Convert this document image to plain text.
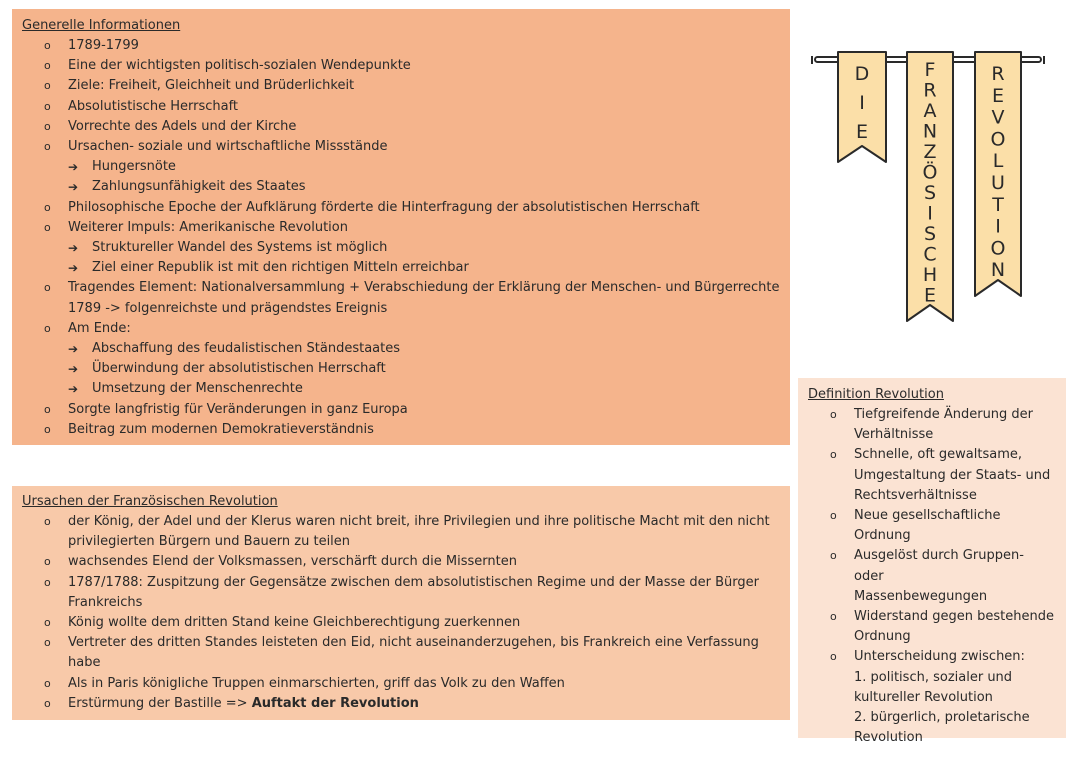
Generelle Informationen

o 1789-1799
o Eine der wichtigsten politisch-sozialen Wendepunkte
o Ziele: Freiheit, Gleichheit und Brüderlichkeit
o Absolutistische Herrschaft
o Vorrechte des Adels und der Kirche
o Ursachen- soziale und wirtschaftliche Missstände
➔ Hungersnöte
➔ Zahlungsunfähigkeit des Staates
o Philosophische Epoche der Aufklärung förderte die Hinterfragung der absolutistischen Herrschaft
o Weiterer Impuls: Amerikanische Revolution
➔ Struktureller Wandel des Systems ist möglich
➔ Ziel einer Republik ist mit den richtigen Mitteln erreichbar
o Tragendes Element: Nationalversammlung + Verabschiedung der Erklärung der Menschen- und Bürgerrechte
1789 -> folgenreichste und prägendstes Ereignis
o Am Ende:
➔ Abschaffung des feudalistischen Ständestaates
➔ Überwindung der absolutistischen Herrschaft
➔ Umsetzung der Menschenrechte
o Sorgte langfristig für Veränderungen in ganz Europa
o Beitrag zum modernen Demokratieverständnis

Ursachen der Französischen Revolution

o der König, der Adel und der Klerus waren nicht breit, ihre Privilegien und ihre politische Macht mit den nicht
privilegierten Bürgern und Bauern zu teilen
o wachsendes Elend der Volksmassen, verschärft durch die Missernten
o 1787/1788: Zuspitzung der Gegensätze zwischen dem absolutistischen Regime und der Masse der Bürger
Frankreichs
o König wollte dem dritten Stand keine Gleichberechtigung zuerkennen
o Vertreter des dritten Standes leisteten den Eid, nicht auseinanderzugehen, bis Frankreich eine Verfassung
habe
o Als in Paris königliche Truppen einmarschierten, griff das Volk zu den Waffen
o Erstürmung der Bastille => Auftakt der Revolution

Definition Revolution

o Tiefgreifende Änderung der
Verhältnisse
o Schnelle, oft gewaltsame,
Umgestaltung der Staats- und
Rechtsverhältnisse
o Neue gesellschaftliche
Ordnung
o Ausgelöst durch Gruppen- oder
Massenbewegungen
o Widerstand gegen bestehende
Ordnung
o Unterscheidung zwischen:
1. politisch, sozialer und
kultureller Revolution
2. bürgerlich, proletarische
Revolution
D
I
E
F
R
A
N
Z
Ö
S
I
S
C
H
E
R
E
V
O
L
U
T
I
O
N
